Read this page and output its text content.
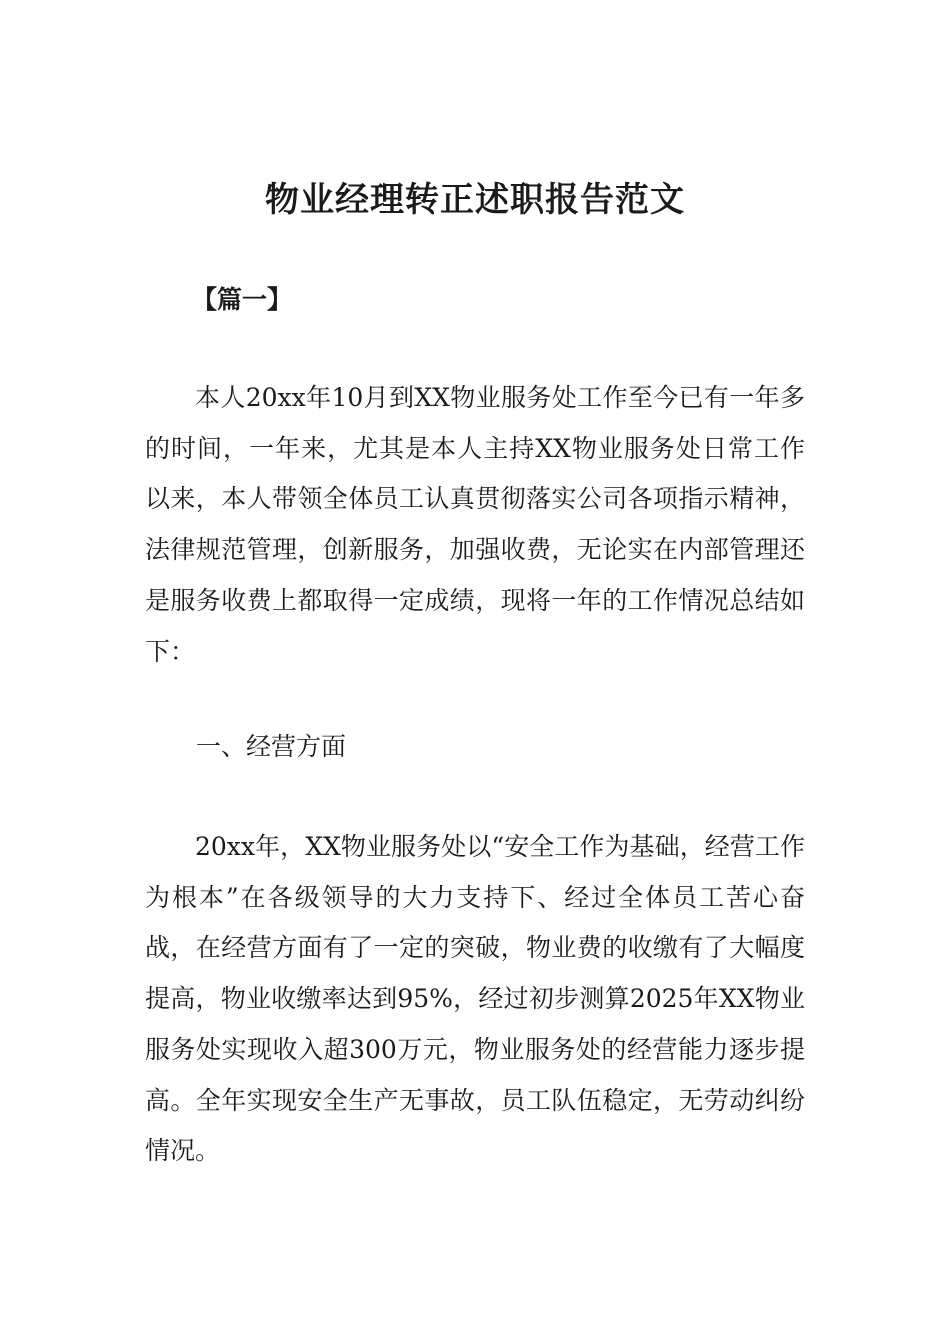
物业经理转正述职报告范文
【篇一】

本人20xx年10月到XX物业服务处工作至今已有一年多的时间，一年来，尤其是本人主持XX物业服务处日常工作以来，本人带领全体员工认真贯彻落实公司各项指示精神，法律规范管理，创新服务，加强收费，无论实在内部管理还是服务收费上都取得一定成绩，现将一年的工作情况总结如下：

一、经营方面

20xx年，XX物业服务处以“安全工作为基础，经营工作为根本”在各级领导的大力支持下、经过全体员工苦心奋战，在经营方面有了一定的突破，物业费的收缴有了大幅度提高，物业收缴率达到95%，经过初步测算2025年XX物业服务处实现收入超300万元，物业服务处的经营能力逐步提高。全年实现安全生产无事故，员工队伍稳定，无劳动纠纷情况。
